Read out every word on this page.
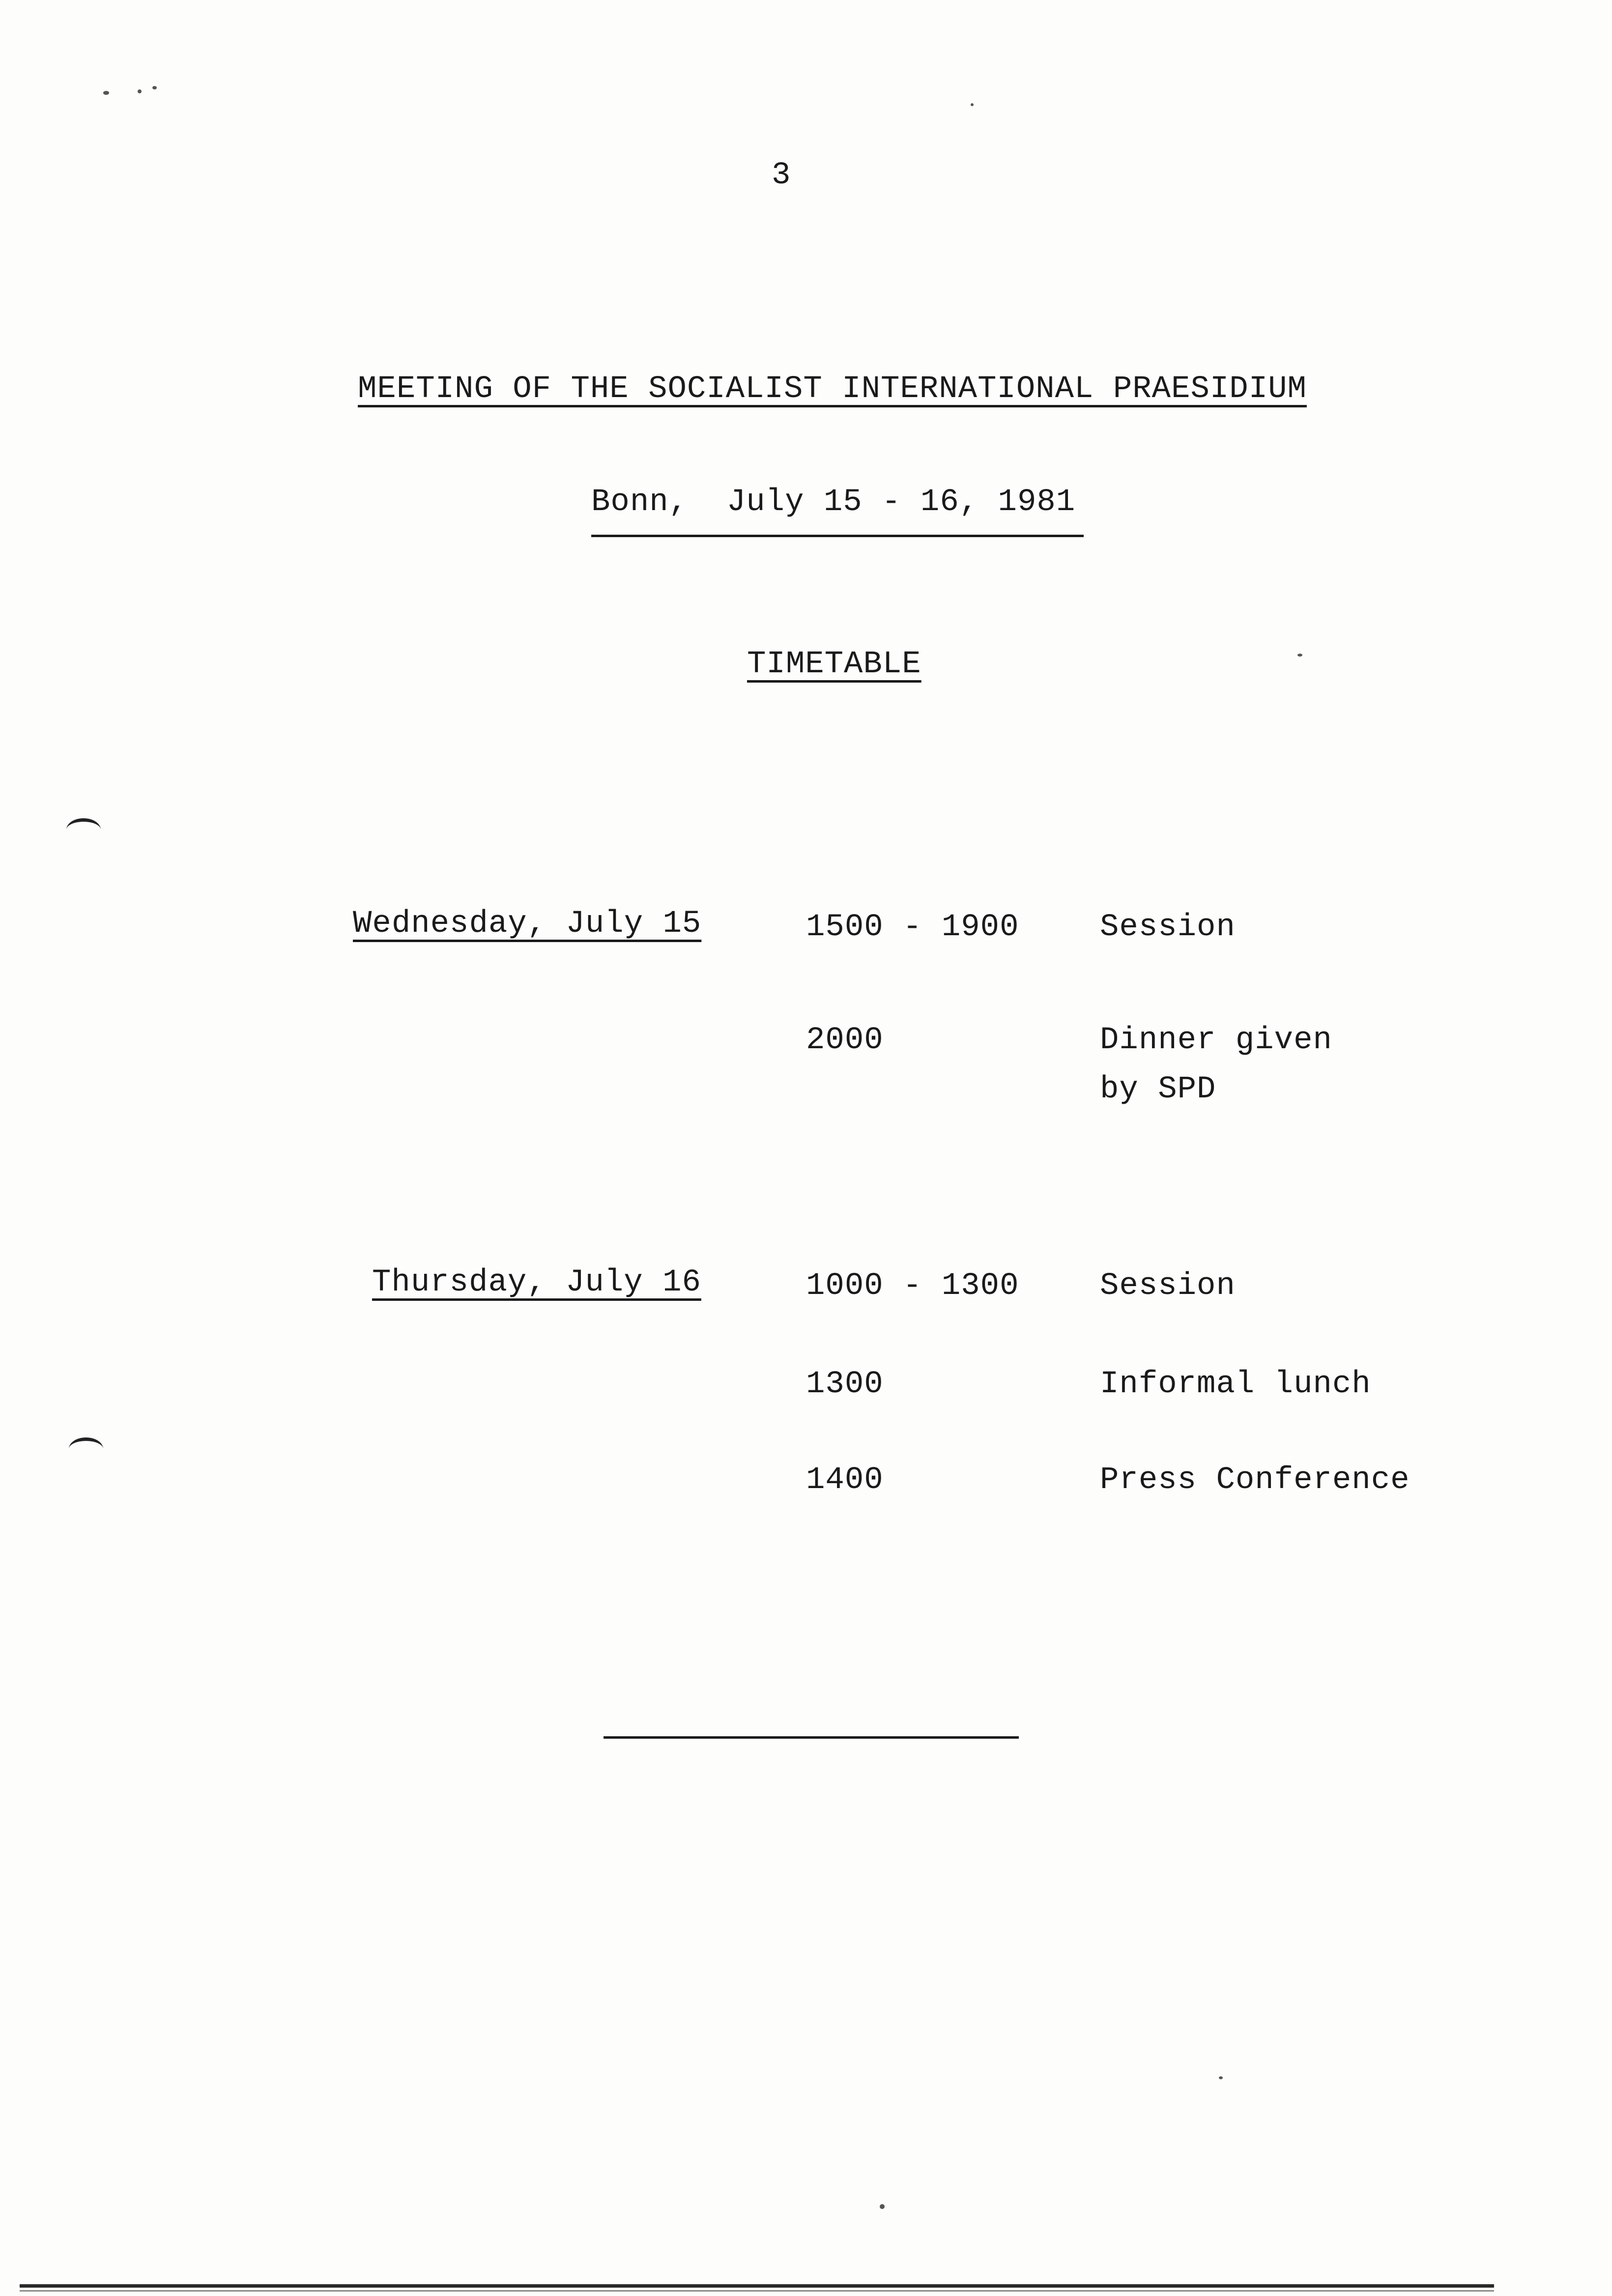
3
MEETING OF THE SOCIALIST INTERNATIONAL PRAESIDIUM
Bonn,  July 15 - 16, 1981
TIMETABLE
Wednesday, July 15	1500 - 1900	Session
2000	Dinner given
by SPD
Thursday, July 16	1000 - 1300	Session
1300	Informal lunch
1400	Press Conference
